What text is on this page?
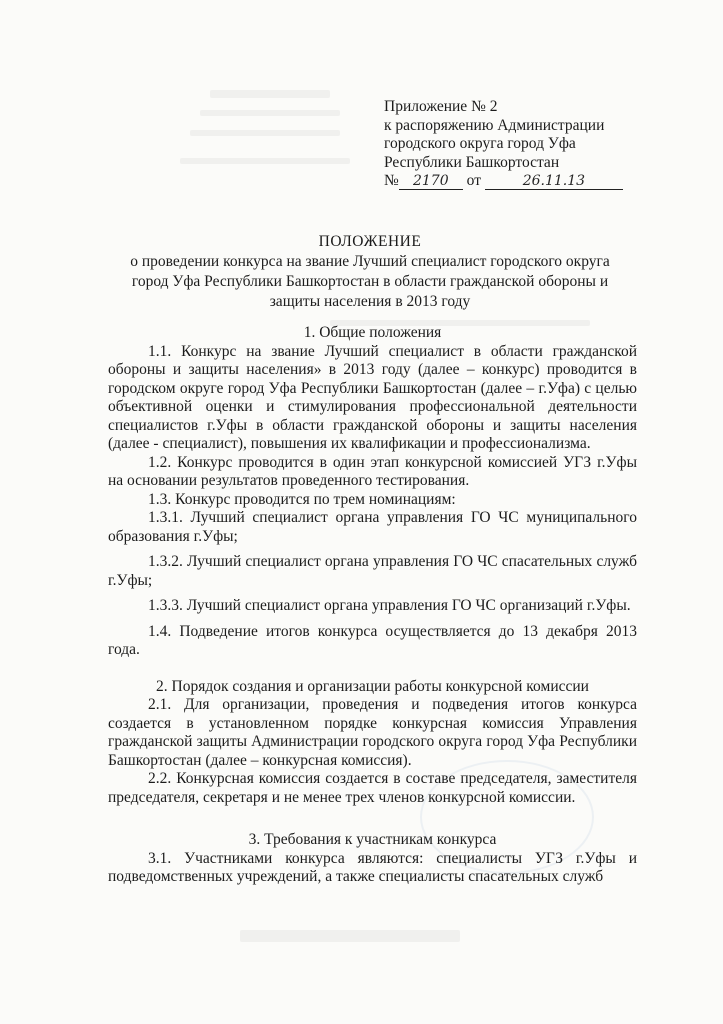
Приложение № 2
к распоряжению Администрации
городского округа город Уфа
Республики Башкортостан
№ 2170 от	26.11.13
ПОЛОЖЕНИЕ
о проведении конкурса на звание Лучший специалист городского округа
город Уфа Республики Башкортостан в области гражданской обороны и
защиты населения в 2013 году
1. Общие положения

1.1. Конкурс на звание Лучший специалист в области гражданской обороны и защиты населения» в 2013 году (далее – конкурс) проводится в городском округе город Уфа Республики Башкортостан (далее – г.Уфа) с целью объективной оценки и стимулирования профессиональной деятельности специалистов г.Уфы в области гражданской обороны и защиты населения (далее - специалист), повышения их квалификации и профессионализма.

1.2. Конкурс проводится в один этап конкурсной комиссией УГЗ г.Уфы на основании результатов проведенного тестирования.

1.3. Конкурс проводится по трем номинациям:

1.3.1. Лучший специалист органа управления ГО ЧС муниципального образования г.Уфы;

1.3.2. Лучший специалист органа управления ГО ЧС спасательных служб г.Уфы;

1.3.3. Лучший специалист органа управления ГО ЧС организаций г.Уфы.

1.4. Подведение итогов конкурса осуществляется до 13 декабря 2013 года.

2. Порядок создания и организации работы конкурсной комиссии

2.1. Для организации, проведения и подведения итогов конкурса создается в установленном порядке конкурсная комиссия Управления гражданской защиты Администрации городского округа город Уфа Республики Башкортостан (далее – конкурсная комиссия).

2.2. Конкурсная комиссия создается в составе председателя, заместителя председателя, секретаря и не менее трех членов конкурсной комиссии.

3. Требования к участникам конкурса

3.1. Участниками конкурса являются: специалисты УГЗ г.Уфы и подведомственных учреждений, а также специалисты спасательных служб
